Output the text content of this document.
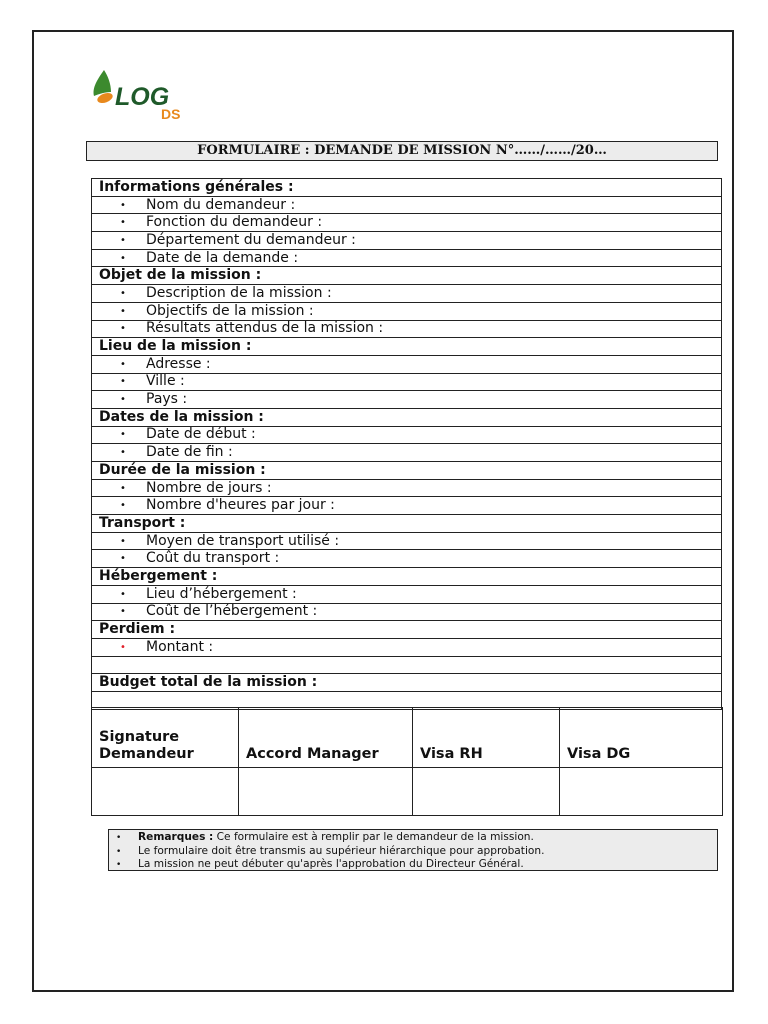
LOG
DS
FORMULAIRE : DEMANDE DE MISSION N°……/……/20…
Informations générales :
• Nom du demandeur :
• Fonction du demandeur :
• Département du demandeur :
• Date de la demande :
Objet de la mission :
• Description de la mission :
• Objectifs de la mission :
• Résultats attendus de la mission :
Lieu de la mission :
• Adresse :
• Ville :
• Pays :
Dates de la mission :
• Date de début :
• Date de fin :
Durée de la mission :
• Nombre de jours :
• Nombre d'heures par jour :
Transport :
• Moyen de transport utilisé :
• Coût du transport :
Hébergement :
• Lieu d’hébergement :
• Coût de l’hébergement :
Perdiem :
• Montant :

Budget total de la mission :

Signature
Demandeur	Accord Manager	Visa RH	Visa DG

• Remarques : Ce formulaire est à remplir par le demandeur de la mission.
• Le formulaire doit être transmis au supérieur hiérarchique pour approbation.
• La mission ne peut débuter qu'après l'approbation du Directeur Général.
